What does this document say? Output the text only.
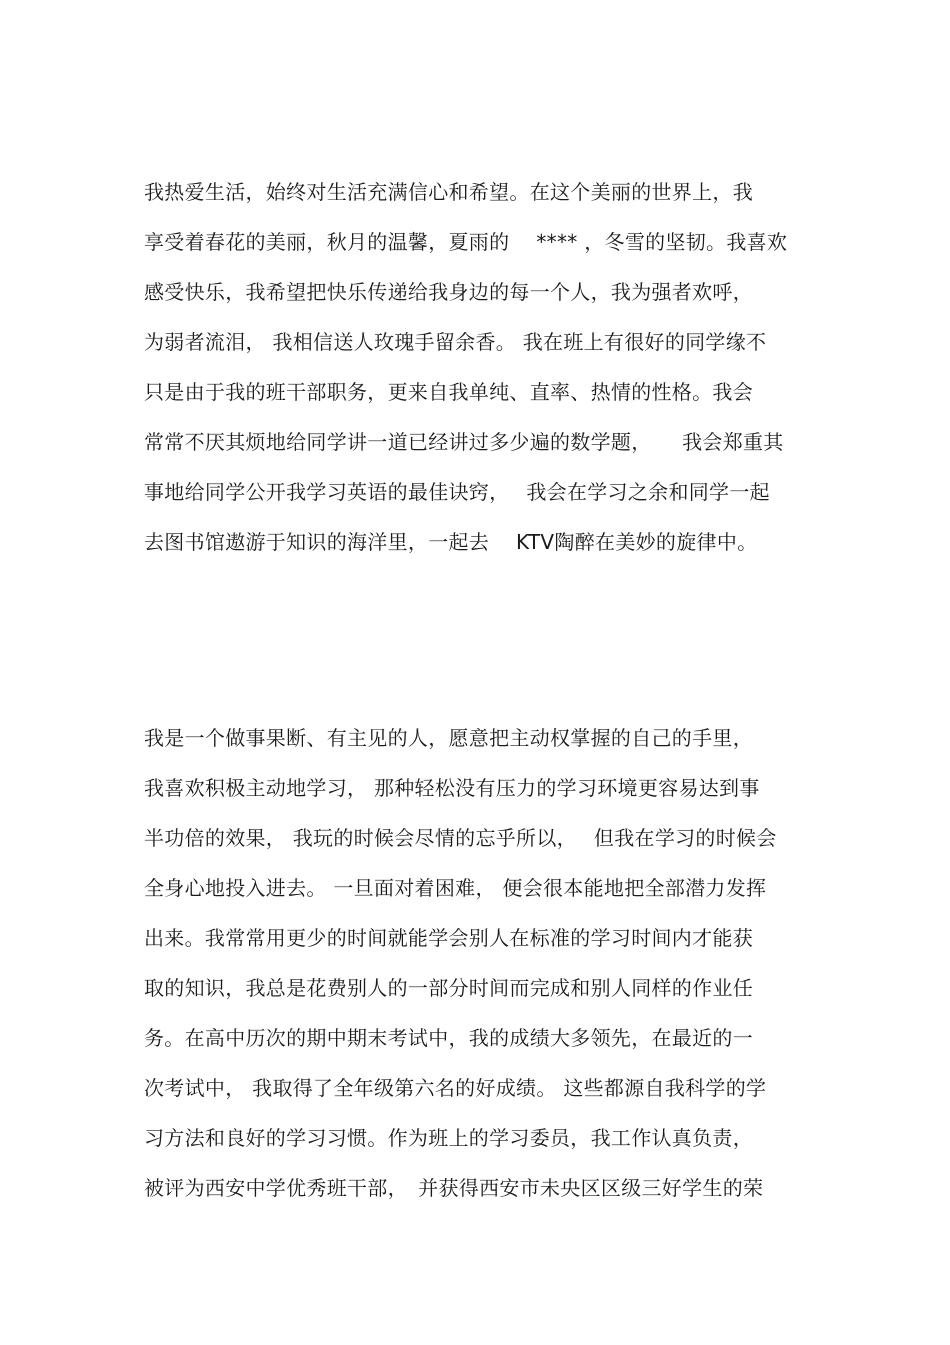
我热爱生活，始终对生活充满信心和希望。在这个美丽的世界上，我
享受着春花的美丽，秋月的温馨，夏雨的　 **** ，冬雪的坚韧。我喜欢
感受快乐，我希望把快乐传递给我身边的每一个人，我为强者欢呼，
为弱者流泪， 我相信送人玫瑰手留余香。 我在班上有很好的同学缘不
只是由于我的班干部职务，更来自我单纯、直率、热情的性格。我会
常常不厌其烦地给同学讲一道已经讲过多少遍的数学题，　　我会郑重其
事地给同学公开我学习英语的最佳诀窍，　 我会在学习之余和同学一起
去图书馆遨游于知识的海洋里，一起去　 KTV陶醉在美妙的旋律中。
我是一个做事果断、有主见的人，愿意把主动权掌握的自己的手里，
我喜欢积极主动地学习， 那种轻松没有压力的学习环境更容易达到事
半功倍的效果， 我玩的时候会尽情的忘乎所以，　 但我在学习的时候会
全身心地投入进去。 一旦面对着困难， 便会很本能地把全部潜力发挥
出来。我常常用更少的时间就能学会别人在标准的学习时间内才能获
取的知识，我总是花费别人的一部分时间而完成和别人同样的作业任
务。在高中历次的期中期末考试中，我的成绩大多领先，在最近的一
次考试中， 我取得了全年级第六名的好成绩。 这些都源自我科学的学
习方法和良好的学习习惯。作为班上的学习委员，我工作认真负责，
被评为西安中学优秀班干部，　并获得西安市未央区区级三好学生的荣
